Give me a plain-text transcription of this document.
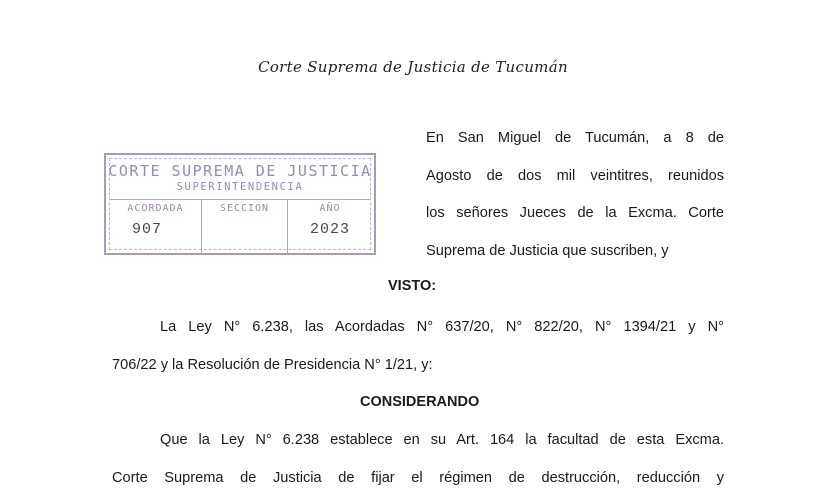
Corte Suprema de Justicia de Tucumán
CORTE SUPREMA DE JUSTICIA
SUPERINTENDENCIA
ACORDADA
907
SECCION	AÑO
2023
En San Miguel de Tucumán, a 8 de
Agosto de dos mil veintitres, reunidos
los señores Jueces de la Excma. Corte
Suprema de Justicia que suscriben, y
VISTO:
La Ley N° 6.238, las Acordadas N° 637/20, N° 822/20, N° 1394/21 y N°
706/22 y la Resolución de Presidencia N° 1/21, y:
CONSIDERANDO
Que la Ley N° 6.238 establece en su Art. 164 la facultad de esta Excma.
Corte Suprema de Justicia de fijar el régimen de destrucción, reducción y
